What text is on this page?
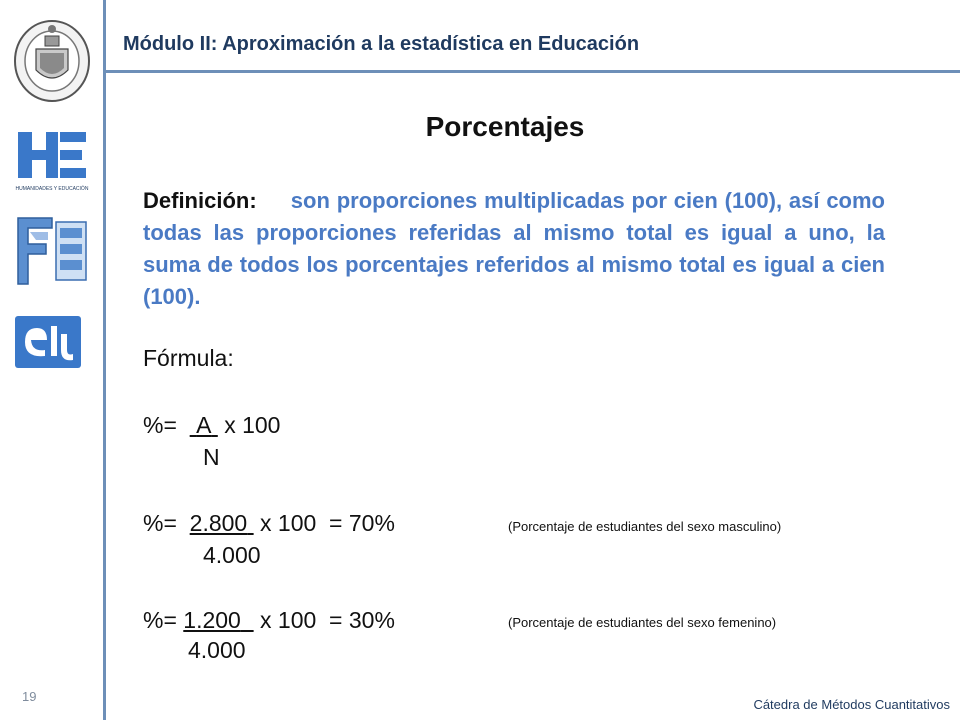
Módulo II: Aproximación a la estadística en Educación
HUMANIDADES Y EDUCACIÓN
Porcentajes
Definición: son proporciones multiplicadas por cien (100), así como todas las proporciones referidas al mismo total es igual a uno, la suma de todos los porcentajes referidos al mismo total es igual a cien (100).
Fórmula:
%= A x 100
N
%= 2.800 x 100  = 70%	(Porcentaje de estudiantes del sexo masculino)
4.000
%= 1.200 x 100  = 30%	(Porcentaje de estudiantes del sexo femenino)
4.000
19
Cátedra de Métodos Cuantitativos
